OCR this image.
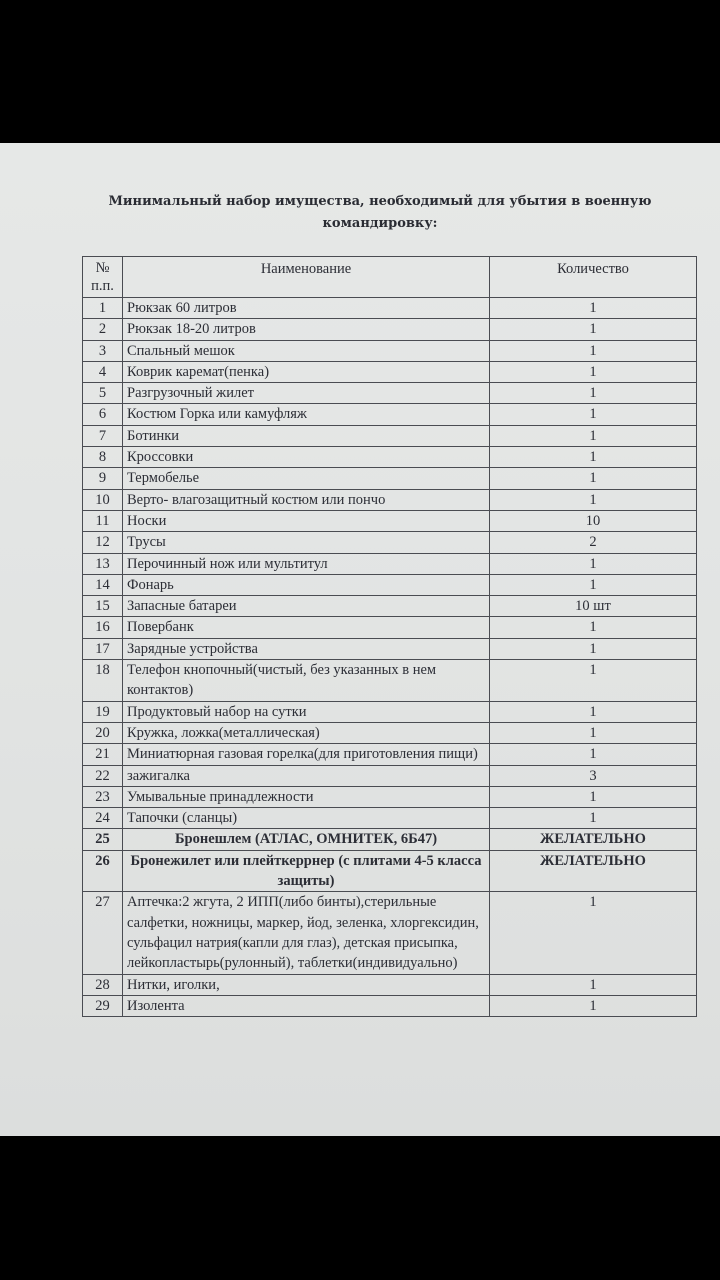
Минимальный набор имущества, необходимый для убытия в военную
командировку:
№
п.п.	Наименование	Количество
1	Рюкзак 60 литров	1
2	Рюкзак 18-20 литров	1
3	Спальный мешок	1
4	Коврик каремат(пенка)	1
5	Разгрузочный жилет	1
6	Костюм Горка или камуфляж	1
7	Ботинки	1
8	Кроссовки	1
9	Термобелье	1
10	Верто- влагозащитный костюм или пончо	1
11	Носки	10
12	Трусы	2
13	Перочинный нож или мультитул	1
14	Фонарь	1
15	Запасные батареи	10 шт
16	Повербанк	1
17	Зарядные устройства	1
18	Телефон кнопочный(чистый, без указанных в нем контактов)	1
19	Продуктовый набор на сутки	1
20	Кружка, ложка(металлическая)	1
21	Миниатюрная газовая горелка(для приготовления пищи)	1
22	зажигалка	3
23	Умывальные принадлежности	1
24	Тапочки (сланцы)	1
25	Бронешлем (АТЛАС, ОМНИТЕК, 6Б47)	ЖЕЛАТЕЛЬНО
26	Бронежилет или плейткеррнер (с плитами 4-5 класса защиты)	ЖЕЛАТЕЛЬНО
27	Аптечка:2 жгута, 2 ИПП(либо бинты),стерильные салфетки, ножницы, маркер, йод, зеленка, хлоргексидин, сульфацил натрия(капли для глаз), детская присыпка, лейкопластырь(рулонный), таблетки(индивидуально)	1
28	Нитки, иголки,	1
29	Изолента	1
